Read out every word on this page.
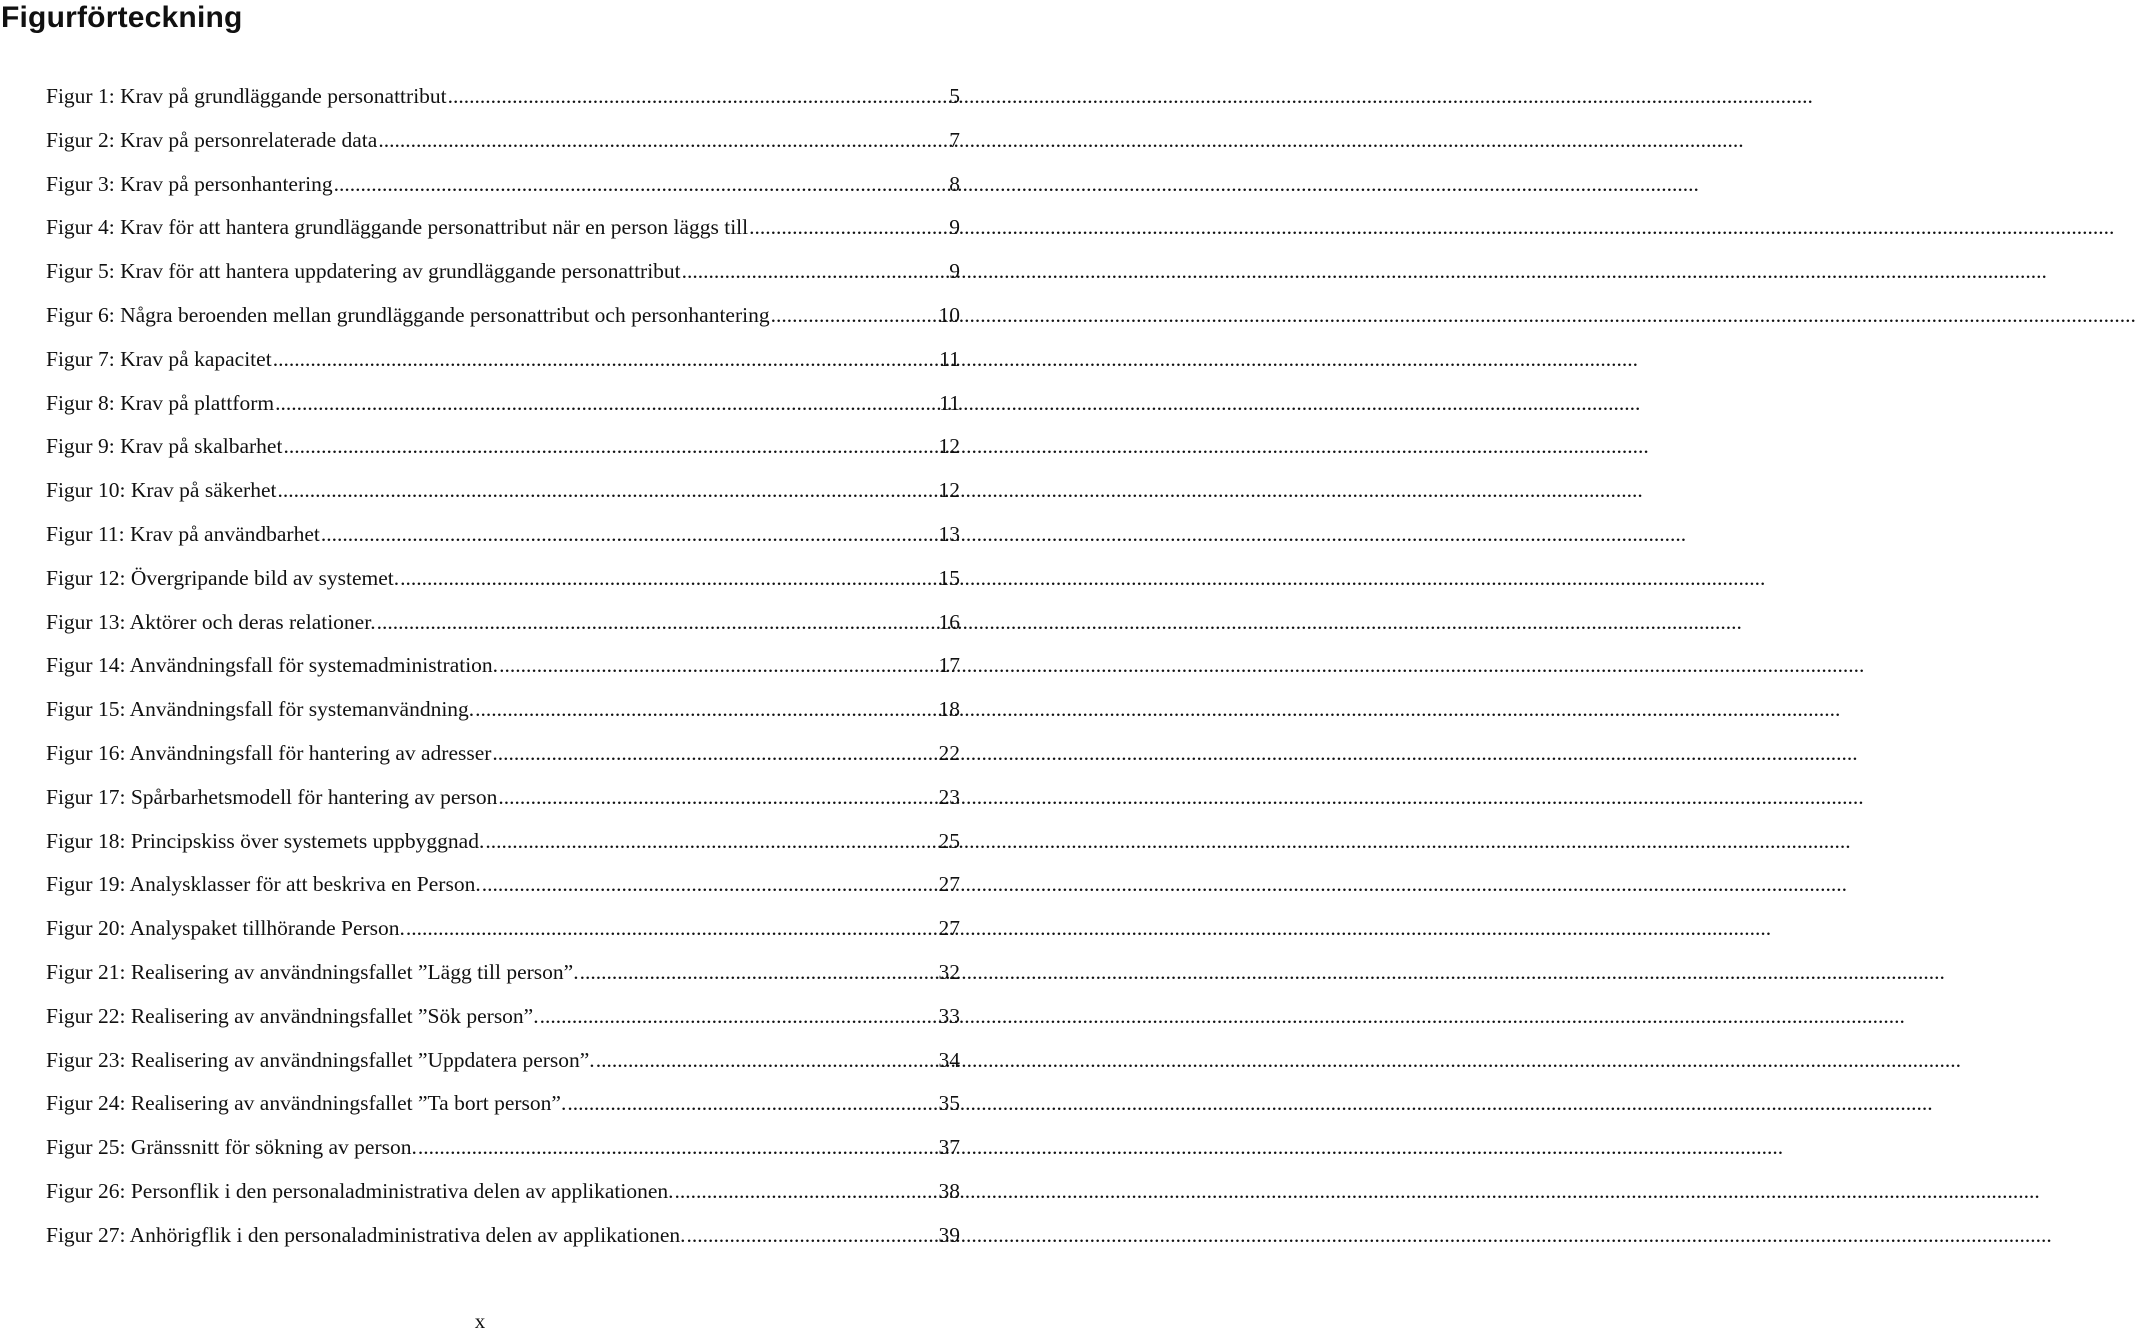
Figurförteckning
Figur 1: Krav på grundläggande personattribut .....	5
Figur 2: Krav på personrelaterade data .....	7
Figur 3: Krav på personhantering .....	8
Figur 4: Krav för att hantera grundläggande personattribut när en person läggs till .....	9
Figur 5: Krav för att hantera uppdatering av grundläggande personattribut .....	9
Figur 6: Några beroenden mellan grundläggande personattribut och personhantering .....	10
Figur 7: Krav på kapacitet .....	11
Figur 8: Krav på plattform .....	11
Figur 9: Krav på skalbarhet .....	12
Figur 10: Krav på säkerhet .....	12
Figur 11: Krav på användbarhet .....	13
Figur 12: Övergripande bild av systemet. .....	15
Figur 13: Aktörer och deras relationer. .....	16
Figur 14: Användningsfall för systemadministration. .....	17
Figur 15: Användningsfall för systemanvändning. .....	18
Figur 16: Användningsfall för hantering av adresser .....	22
Figur 17: Spårbarhetsmodell för hantering av person .....	23
Figur 18: Principskiss över systemets uppbyggnad. .....	25
Figur 19: Analysklasser för att beskriva en Person. .....	27
Figur 20: Analyspaket tillhörande Person. .....	27
Figur 21: Realisering av användningsfallet ”Lägg till person”. .....	32
Figur 22: Realisering av användningsfallet ”Sök person”. .....	33
Figur 23: Realisering av användningsfallet ”Uppdatera person”. .....	34
Figur 24: Realisering av användningsfallet ”Ta bort person”. .....	35
Figur 25: Gränssnitt för sökning av person. .....	37
Figur 26: Personflik i den personaladministrativa delen av applikationen. .....	38
Figur 27: Anhörigflik i den personaladministrativa delen av applikationen. .....	39
x
